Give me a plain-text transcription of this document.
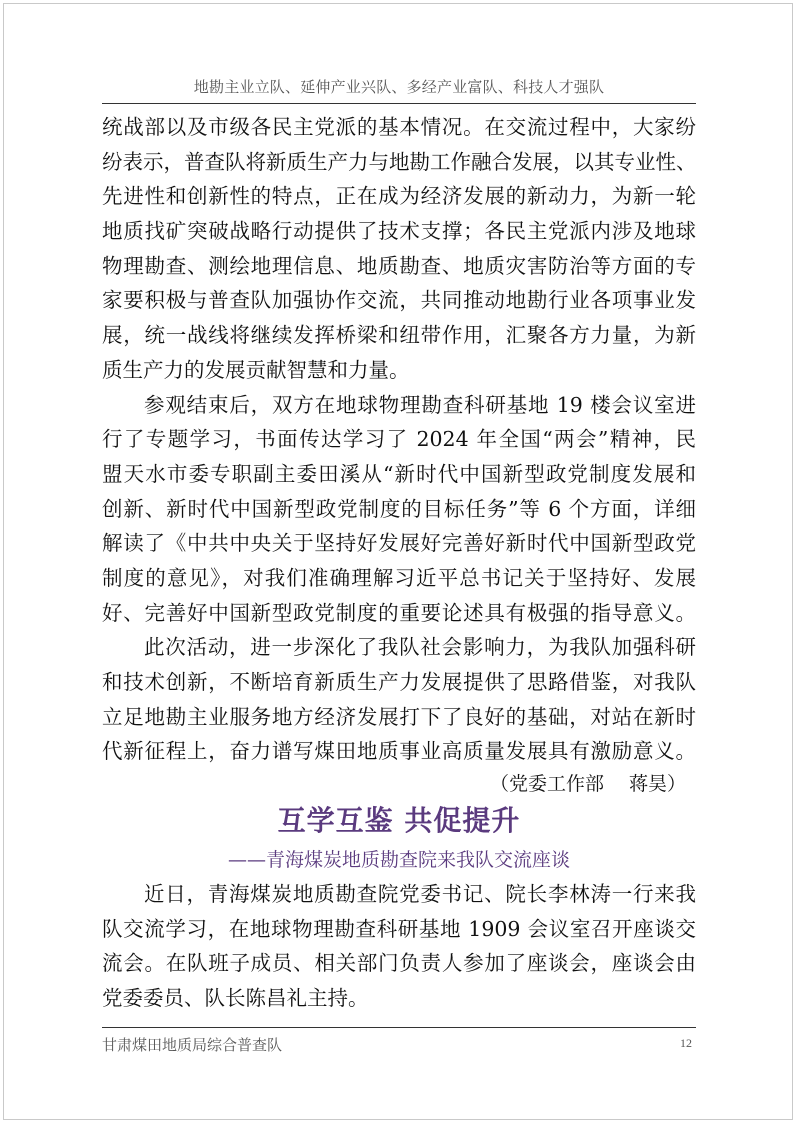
地勘主业立队、延伸产业兴队、多经产业富队、科技人才强队
统战部以及市级各民主党派的基本情况。在交流过程中，大家纷
纷表示，普查队将新质生产力与地勘工作融合发展，以其专业性、
先进性和创新性的特点，正在成为经济发展的新动力，为新一轮
地质找矿突破战略行动提供了技术支撑；各民主党派内涉及地球
物理勘查、测绘地理信息、地质勘查、地质灾害防治等方面的专
家要积极与普查队加强协作交流，共同推动地勘行业各项事业发
展，统一战线将继续发挥桥梁和纽带作用，汇聚各方力量，为新
质生产力的发展贡献智慧和力量。
参观结束后，双方在地球物理勘查科研基地 19 楼会议室进
行了专题学习，书面传达学习了 2024 年全国“两会”精神，民
盟天水市委专职副主委田溪从“新时代中国新型政党制度发展和
创新、新时代中国新型政党制度的目标任务”等 6 个方面，详细
解读了《中共中央关于坚持好发展好完善好新时代中国新型政党
制度的意见》，对我们准确理解习近平总书记关于坚持好、发展
好、完善好中国新型政党制度的重要论述具有极强的指导意义。
此次活动，进一步深化了我队社会影响力，为我队加强科研
和技术创新，不断培育新质生产力发展提供了思路借鉴，对我队
立足地勘主业服务地方经济发展打下了良好的基础，对站在新时
代新征程上，奋力谱写煤田地质事业高质量发展具有激励意义。
（党委工作部　 蒋昊）
互学互鉴 共促提升
——青海煤炭地质勘查院来我队交流座谈
近日，青海煤炭地质勘查院党委书记、院长李林涛一行来我
队交流学习，在地球物理勘查科研基地 1909 会议室召开座谈交
流会。在队班子成员、相关部门负责人参加了座谈会，座谈会由
党委委员、队长陈昌礼主持。
甘肃煤田地质局综合普查队	12
